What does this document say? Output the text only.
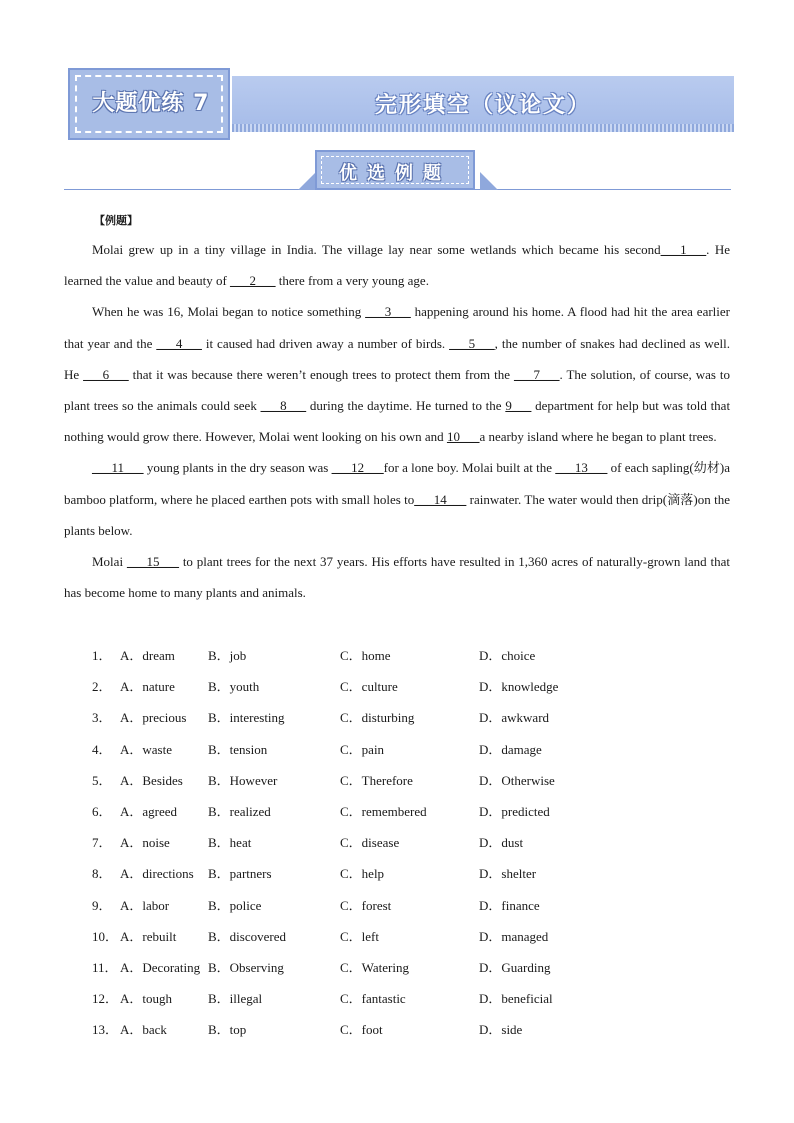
大题优练 7	完形填空（议论文）
优选例题
【例题】

Molai grew up in a tiny village in India. The village lay near some wetlands which became his second___1___. He learned the value and beauty of ___2___ there from a very young age.

When he was 16, Molai began to notice something ___3___ happening around his home. A flood had hit the area earlier that year and the ___4___ it caused had driven away a number of birds. ___5___, the number of snakes had declined as well. He ___6___ that it was because there weren’t enough trees to protect them from the ___7___. The solution, of course, was to plant trees so the animals could seek ___8___ during the daytime. He turned to the 9___ department for help but was told that nothing would grow there. However, Molai went looking on his own and 10___a nearby island where he began to plant trees.

___11___ young plants in the dry season was ___12___for a lone boy. Molai built at the ___13___ of each sapling(幼材)a bamboo platform, where he placed earthen pots with small holes to___14___ rainwater. The water would then drip(滴落)on the plants below.

Molai ___15___ to plant trees for the next 37 years. His efforts have resulted in 1,360 acres of naturally-grown land that has become home to many plants and animals.

1． A．dream	B．job	C．home	D．choice
2． A．nature	B．youth	C．culture	D．knowledge
3． A．precious B．interesting	C．disturbing	D．awkward
4． A．waste	B．tension	C．pain	D．damage
5． A．Besides B．However	C．Therefore	D．Otherwise
6． A．agreed B．realized	C．remembered	D．predicted
7． A．noise	B．heat	C．disease	D．dust
8． A．directions B．partners	C．help	D．shelter
9． A．labor	B．police	C．forest	D．finance
10． A．rebuilt B．discovered	C．left	D．managed
11． A．Decorating B．Observing	C．Watering	D．Guarding
12． A．tough	B．illegal	C．fantastic	D．beneficial
13． A．back	B．top	C．foot	D．side
